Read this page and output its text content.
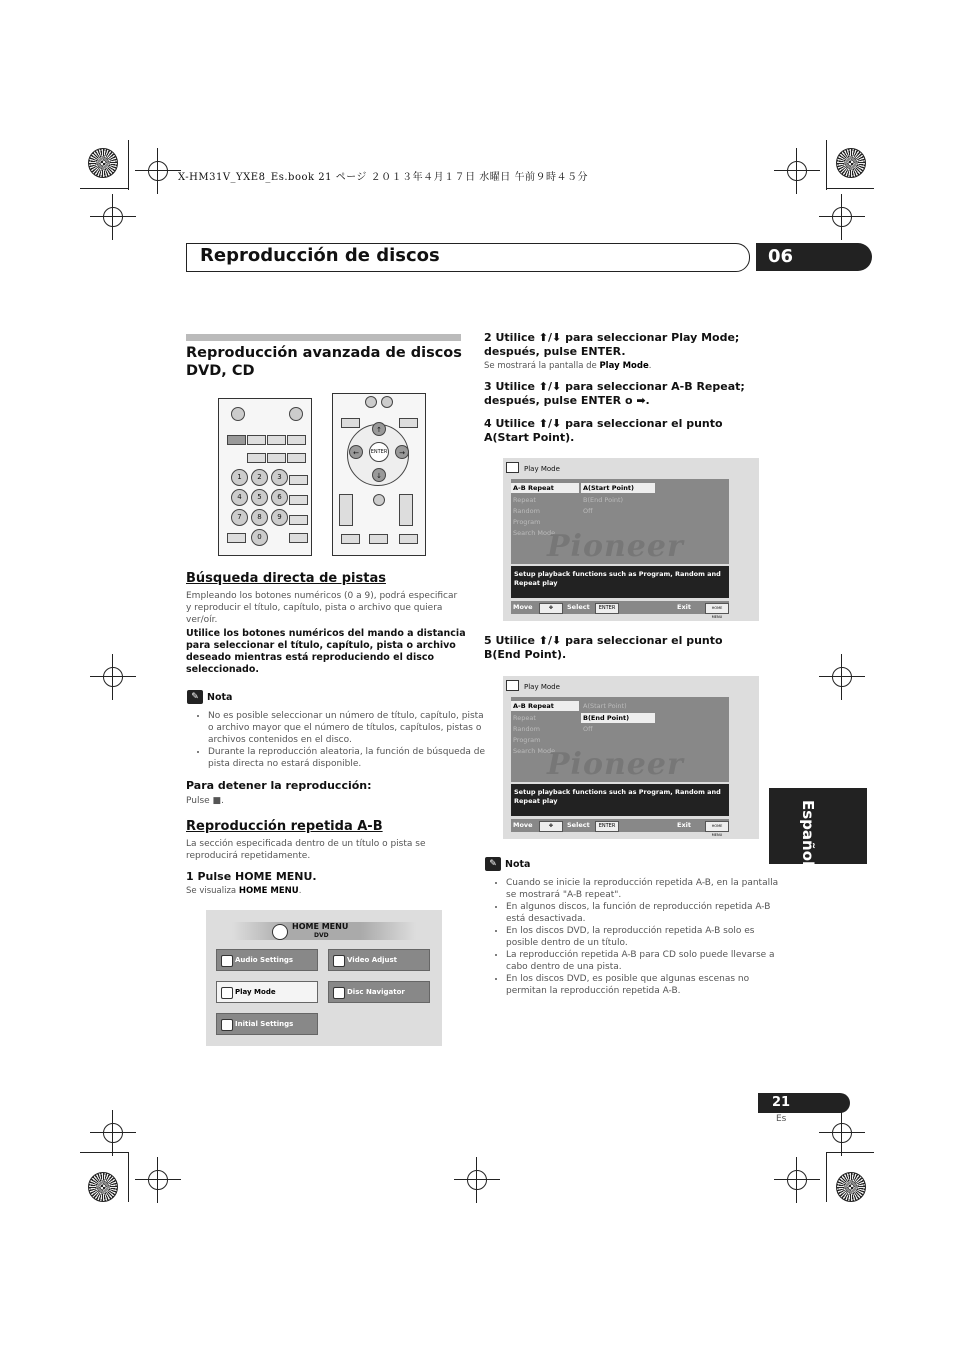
X-HM31V_YXE8_Es.book 21 ページ ２０１３年４月１７日 水曜日 午前９時４５分
Reproducción de discos	06
Reproducción avanzada de discos DVD, CD
1	2	3
4	5	6
7	8	9
0
ENTER
↑
↓
←	→
Búsqueda directa de pistas
Empleando los botones numéricos (0 a 9), podrá especificar y reproducir el título, capítulo, pista o archivo que quiera ver/oír.
Utilice los botones numéricos del mando a distancia para seleccionar el título, capítulo, pista o archivo deseado mientras está reproduciendo el disco seleccionado.
✎ Nota
• No es posible seleccionar un número de título, capítulo, pista o archivo mayor que el número de títulos, capítulos, pistas o archivos contenidos en el disco.
• Durante la reproducción aleatoria, la función de búsqueda de pista directa no estará disponible.
Para detener la reproducción:
Pulse ■.
Reproducción repetida A-B
La sección especificada dentro de un título o pista se reproducirá repetidamente.
1 Pulse HOME MENU.
Se visualiza HOME MENU.
HOME MENU
DVD
Audio Settings	Video Adjust
Play Mode	Disc Navigator
Initial Settings
2 Utilice ⬆/⬇ para seleccionar Play Mode; después, pulse ENTER.
Se mostrará la pantalla de Play Mode.
3 Utilice ⬆/⬇ para seleccionar A-B Repeat; después, pulse ENTER o ➡.
4 Utilice ⬆/⬇ para seleccionar el punto A(Start Point).
Play Mode
A-B Repeat
Repeat
Random
Program
Search Mode
A(Start Point)
B(End Point)
Off
Pioneer
Setup playback functions such as Program, Random and Repeat play
Move	✥	Select	ENTER	Exit	HOME MENU
5 Utilice ⬆/⬇ para seleccionar el punto B(End Point).
Play Mode
A-B Repeat
Repeat
Random
Program
Search Mode
A(Start Point)
B(End Point)
Off
Pioneer
Setup playback functions such as Program, Random and Repeat play
Move	✥	Select	ENTER	Exit	HOME MENU
✎ Nota
• Cuando se inicie la reproducción repetida A-B, en la pantalla se mostrará "A-B repeat".
• En algunos discos, la función de reproducción repetida A-B está desactivada.
• En los discos DVD, la reproducción repetida A-B solo es posible dentro de un título.
• La reproducción repetida A-B para CD solo puede llevarse a cabo dentro de una pista.
• En los discos DVD, es posible que algunas escenas no permitan la reproducción repetida A-B.
Español
21
Es
